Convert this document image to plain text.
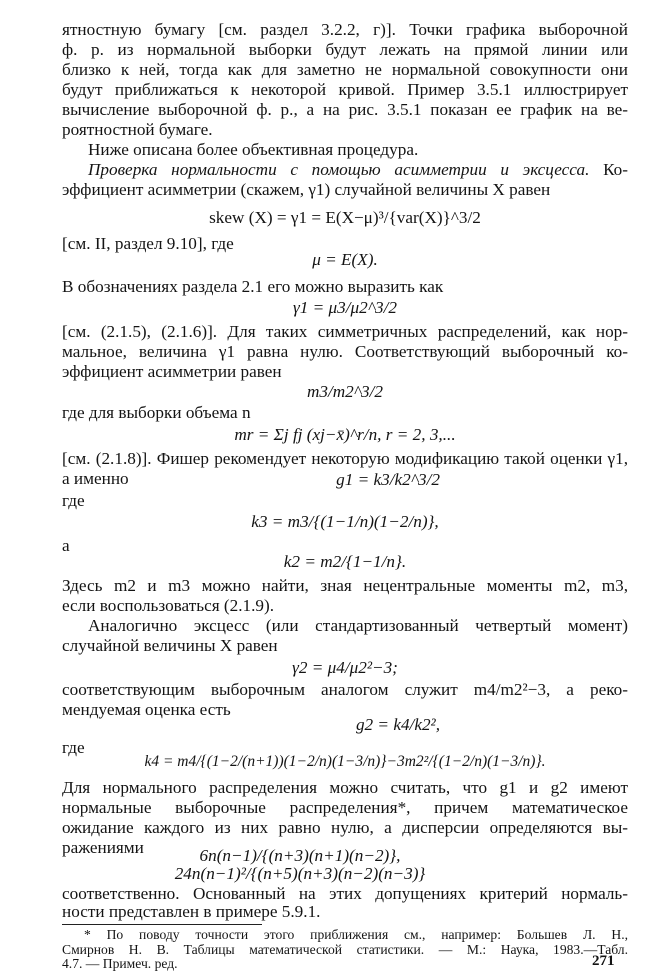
ятностную бумагу [см. раздел 3.2.2, г)]. Точки графика выборочной
ф. р. из нормальной выборки будут лежать на прямой линии или
близко к ней, тогда как для заметно не нормальной совокупности они
будут приближаться к некоторой кривой. Пример 3.5.1 иллюстрирует
вычисление выборочной ф. р., а на рис. 3.5.1 показан ее график на ве-
роятностной бумаге.
Ниже описана более объективная процедура.
Проверка нормальности с помощью асимметрии и эксцесса. Ко-
эффициент асимметрии (скажем, γ1) случайной величины X равен
skew (X) = γ1 = E(X−μ)³/{var(X)}^3/2
[см. II, раздел 9.10], где
μ = E(X).
В обозначениях раздела 2.1 его можно выразить как
γ1 = μ3/μ2^3/2
[см. (2.1.5), (2.1.6)]. Для таких симметричных распределений, как нор-
мальное, величина γ1 равна нулю. Соответствующий выборочный ко-
эффициент асимметрии равен
m3/m2^3/2
где для выборки объема n
mr = Σj fj (xj−x̄)^r/n, r = 2, 3,...
[см. (2.1.8)]. Фишер рекомендует некоторую модификацию такой оценки γ1, а именно	g1 = k3/k2^3/2
где
k3 = m3/{(1−1/n)(1−2/n)},
а
k2 = m2/{1−1/n}.
Здесь m2 и m3 можно найти, зная нецентральные моменты m2, m3,
если воспользоваться (2.1.9).
Аналогично эксцесс (или стандартизованный четвертый момент)
случайной величины X равен
γ2 = μ4/μ2²−3;
соответствующим выборочным аналогом служит m4/m2²−3, а реко-
мендуемая оценка есть
g2 = k4/k2²,
где
k4 = m4/{(1−2/(n+1))(1−2/n)(1−3/n)}−3m2²/{(1−2/n)(1−3/n)}.
Для нормального распределения можно считать, что g1 и g2 имеют
нормальные выборочные распределения*, причем математическое
ожидание каждого из них равно нулю, а дисперсии определяются вы-
ражениями	6n(n−1)/{(n+3)(n+1)(n−2)},
271
24n(n−1)²/{(n+5)(n+3)(n−2)(n−3)}
соответственно. Основанный на этих допущениях критерий нормаль-
ности представлен в примере 5.9.1.
* По поводу точности этого приближения см., например: Большев Л. Н.,
Смирнов Н. В. Таблицы математической статистики. — М.: Наука, 1983.—Табл.
4.7. — Примеч. ред.
